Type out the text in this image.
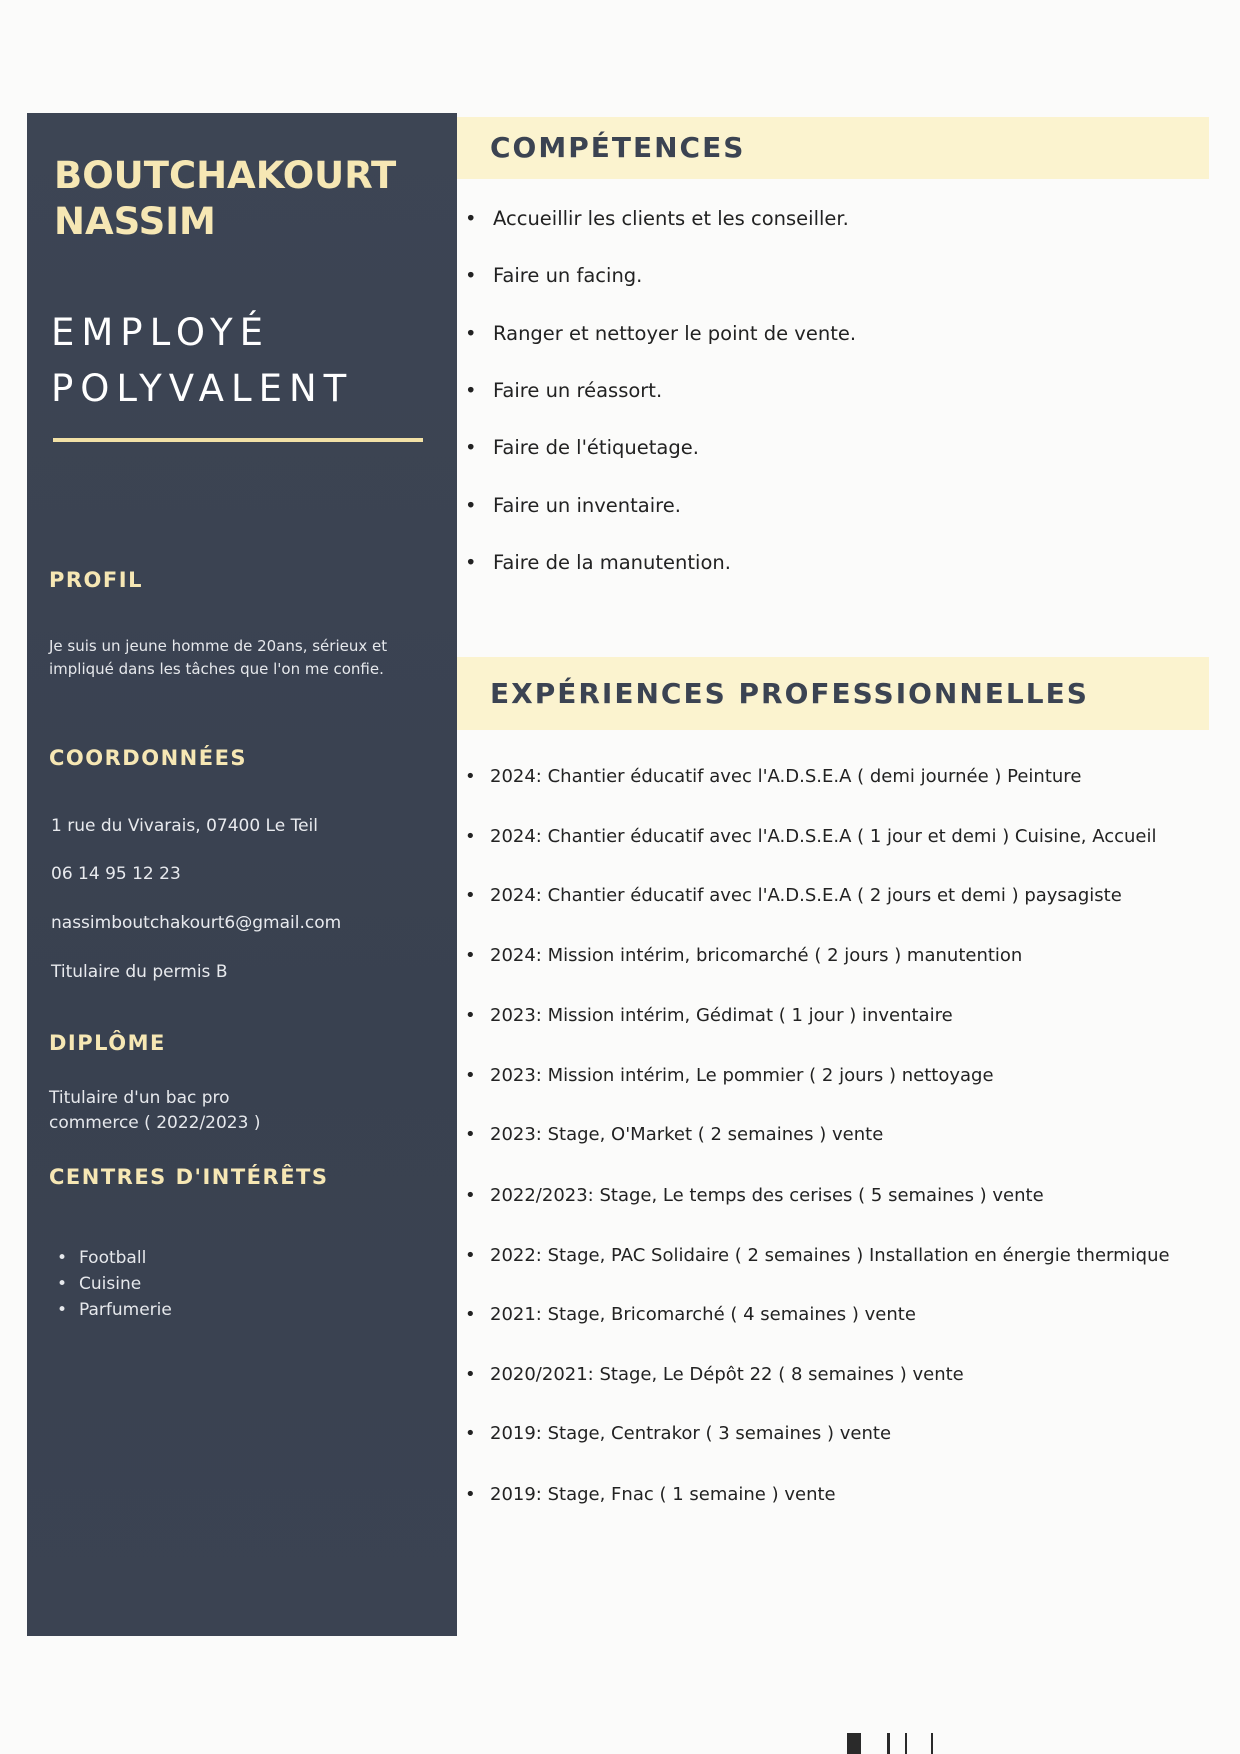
BOUTCHAKOURT
NASSIM
EMPLOYÉ
POLYVALENT
PROFIL

Je suis un jeune homme de 20ans, sérieux et impliqué dans les tâches que l'on me confie.

COORDONNÉES

1 rue du Vivarais, 07400 Le Teil

06 14 95 12 23

nassimboutchakourt6@gmail.com

Titulaire du permis B

DIPLÔME

Titulaire d'un bac pro commerce ( 2022/2023 )

CENTRES D'INTÉRÊTS
• Football
• Cuisine
• Parfumerie
COMPÉTENCES
• Accueillir les clients et les conseiller.
• Faire un facing.
• Ranger et nettoyer le point de vente.
• Faire un réassort.
• Faire de l'étiquetage.
• Faire un inventaire.
• Faire de la manutention.
EXPÉRIENCES PROFESSIONNELLES
• 2024: Chantier éducatif avec l'A.D.S.E.A ( demi journée ) Peinture
• 2024: Chantier éducatif avec l'A.D.S.E.A ( 1 jour et demi ) Cuisine, Accueil
• 2024: Chantier éducatif avec l'A.D.S.E.A ( 2 jours et demi ) paysagiste
• 2024: Mission intérim, bricomarché ( 2 jours ) manutention
• 2023: Mission intérim, Gédimat ( 1 jour ) inventaire
• 2023: Mission intérim, Le pommier ( 2 jours ) nettoyage
• 2023: Stage, O'Market ( 2 semaines ) vente
• 2022/2023: Stage, Le temps des cerises ( 5 semaines ) vente
• 2022: Stage, PAC Solidaire ( 2 semaines ) Installation en énergie thermique
• 2021: Stage, Bricomarché ( 4 semaines ) vente
• 2020/2021: Stage, Le Dépôt 22 ( 8 semaines ) vente
• 2019: Stage, Centrakor ( 3 semaines ) vente
• 2019: Stage, Fnac ( 1 semaine ) vente
